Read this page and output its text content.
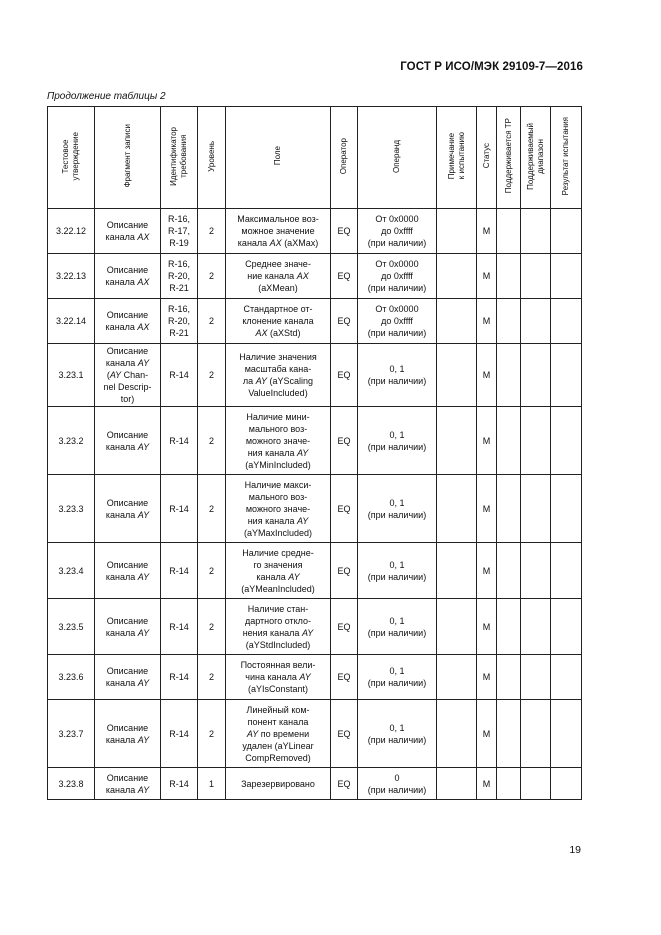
ГОСТ Р ИСО/МЭК 29109-7—2016
Продолжение таблицы 2
Тестовое
утверждение	Фрагмент записи	Идентификатор
требования	Уровень	Поле	Оператор	Операнд	Примечание
к испытанию	Статус	Поддерживается ТР	Поддерживаемый
диапазон	Результат испытания
3.22.12	Описание
канала AX	R-16,
R-17,
R-19	2	Максимальное воз-
можное значение
канала AX (aXMax)	EQ	От 0x0000
до 0xffff
(при наличии)		M			
3.22.13	Описание
канала AX	R-16,
R-20,
R-21	2	Среднее значе-
ние канала AX
(aXMean)	EQ	От 0x0000
до 0xffff
(при наличии)		M			
3.22.14	Описание
канала AX	R-16,
R-20,
R-21	2	Стандартное от-
клонение канала
AX (aXStd)	EQ	От 0x0000
до 0xffff
(при наличии)		M			
3.23.1	Описание
канала AY
(AY Chan-
nel Descrip-
tor)	R-14	2	Наличие значения
масштаба кана-
ла AY (aYScaling
ValueIncluded)	EQ	0, 1
(при наличии)		M			
3.23.2	Описание
канала AY	R-14	2	Наличие мини-
мального воз-
можного значе-
ния канала AY
(aYMinIncluded)	EQ	0, 1
(при наличии)		M			
3.23.3	Описание
канала AY	R-14	2	Наличие макси-
мального воз-
можного значе-
ния канала AY
(aYMaxIncluded)	EQ	0, 1
(при наличии)		M			
3.23.4	Описание
канала AY	R-14	2	Наличие средне-
го значения
канала AY
(aYMeanIncluded)	EQ	0, 1
(при наличии)		M			
3.23.5	Описание
канала AY	R-14	2	Наличие стан-
дартного откло-
нения канала AY
(aYStdIncluded)	EQ	0, 1
(при наличии)		M			
3.23.6	Описание
канала AY	R-14	2	Постоянная вели-
чина канала AY
(aYIsConstant)	EQ	0, 1
(при наличии)		M			
3.23.7	Описание
канала AY	R-14	2	Линейный ком-
понент канала
AY по времени
удален (aYLinear
CompRemoved)	EQ	0, 1
(при наличии)		M			
3.23.8	Описание
канала AY	R-14	1	Зарезервировано	EQ	0
(при наличии)		M			
19
